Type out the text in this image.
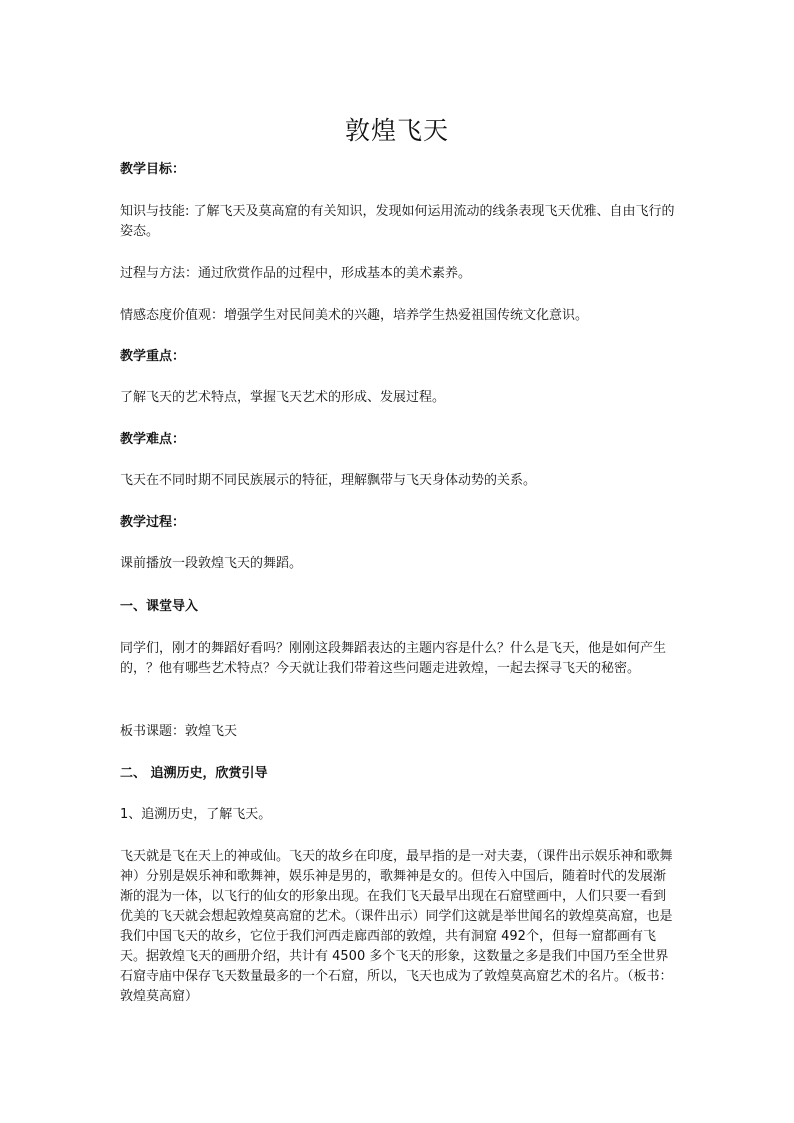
敦煌飞天

教学目标：

知识与技能: 了解飞天及莫高窟的有关知识，发现如何运用流动的线条表现飞天优雅、自由飞行的姿态。

过程与方法：通过欣赏作品的过程中，形成基本的美术素养。

情感态度价值观：增强学生对民间美术的兴趣，培养学生热爱祖国传统文化意识。

教学重点：

了解飞天的艺术特点，掌握飞天艺术的形成、发展过程。

教学难点：

飞天在不同时期不同民族展示的特征，理解飘带与飞天身体动势的关系。

教学过程：

课前播放一段敦煌飞天的舞蹈。

一、课堂导入

同学们，刚才的舞蹈好看吗？刚刚这段舞蹈表达的主题内容是什么？什么是飞天，他是如何产生的，？他有哪些艺术特点？今天就让我们带着这些问题走进敦煌，一起去探寻飞天的秘密。

板书课题：敦煌飞天

二、 追溯历史，欣赏引导

1、追溯历史，了解飞天。

飞天就是飞在天上的神或仙。飞天的故乡在印度，最早指的是一对夫妻，（课件出示娱乐神和歌舞神）分别是娱乐神和歌舞神，娱乐神是男的，歌舞神是女的。但传入中国后，随着时代的发展渐渐的混为一体，以飞行的仙女的形象出现。在我们飞天最早出现在石窟壁画中，人们只要一看到优美的飞天就会想起敦煌莫高窟的艺术。（课件出示）同学们这就是举世闻名的敦煌莫高窟，也是我们中国飞天的故乡，它位于我们河西走廊西部的敦煌，共有洞窟 492个，但每一窟都画有飞天。据敦煌飞天的画册介绍，共计有 4500 多个飞天的形象，这数量之多是我们中国乃至全世界石窟寺庙中保存飞天数量最多的一个石窟，所以，飞天也成为了敦煌莫高窟艺术的名片。（板书：敦煌莫高窟）
